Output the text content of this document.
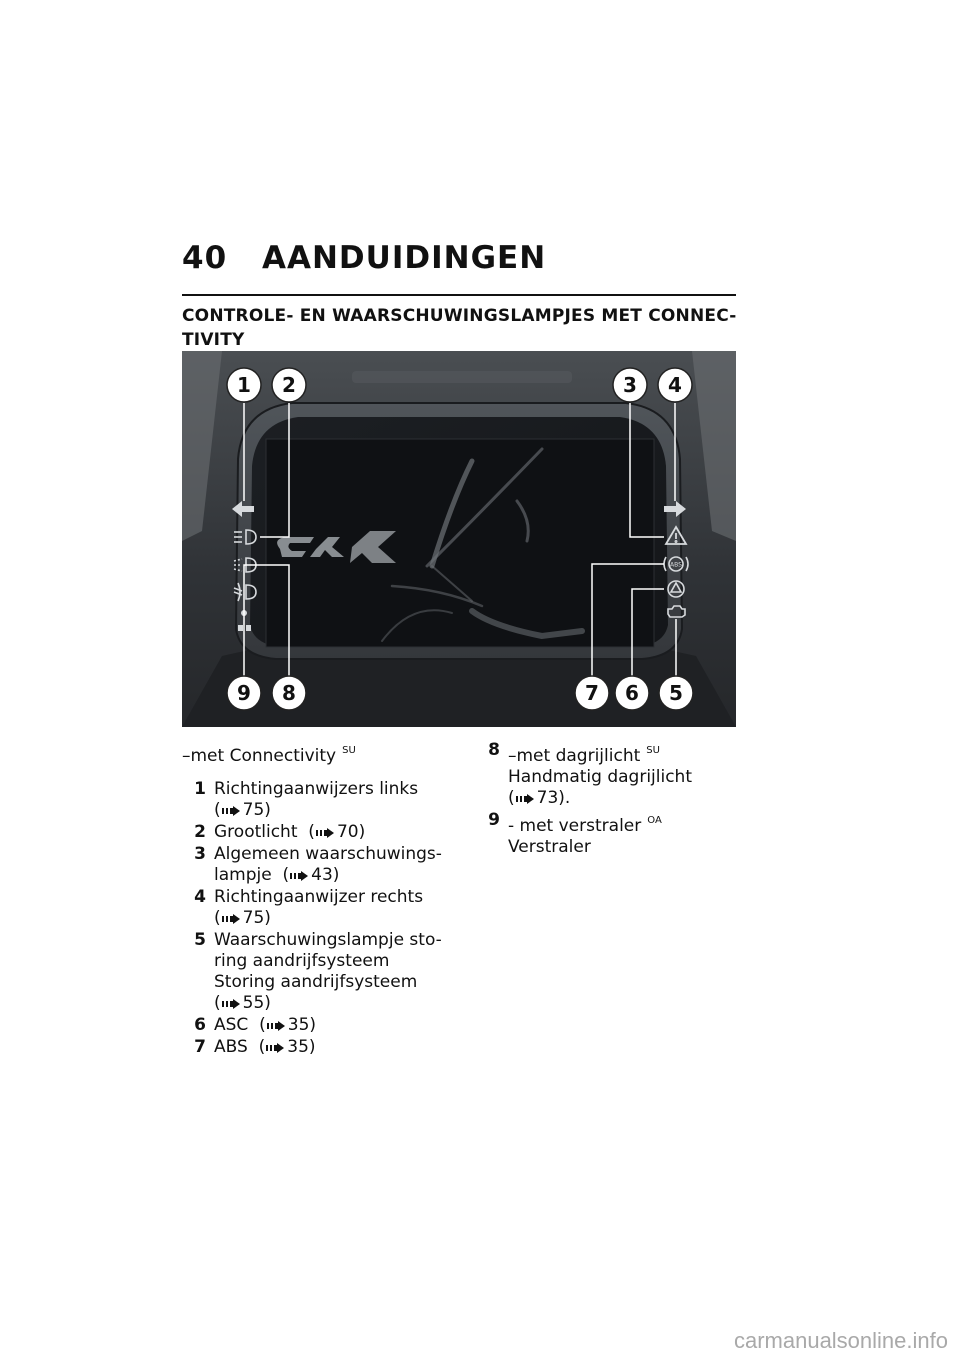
40 AANDUIDINGEN
CONTROLE- EN WAARSCHUWINGSLAMPJES MET CONNEC-TIVITY
ABS
1 2	3 4
9 8	7 6 5
–met Connectivity $^{SU}$
1 Richtingaanwijzers links
( 75)
2 Grootlicht  ( 70)
3 Algemeen waarschuwings-lampje  ( 43)
4 Richtingaanwijzer rechts
( 75)
5 Waarschuwingslampje sto-ring aandrijfsysteem
Storing aandrijfsysteem
( 55)
6 ASC  ( 35)
7 ABS  ( 35)
8 –met dagrijlicht $^{SU}$
Handmatig dagrijlicht
( 73).
9 - met verstraler $^{OA}$
Verstraler
carmanualsonline.info
